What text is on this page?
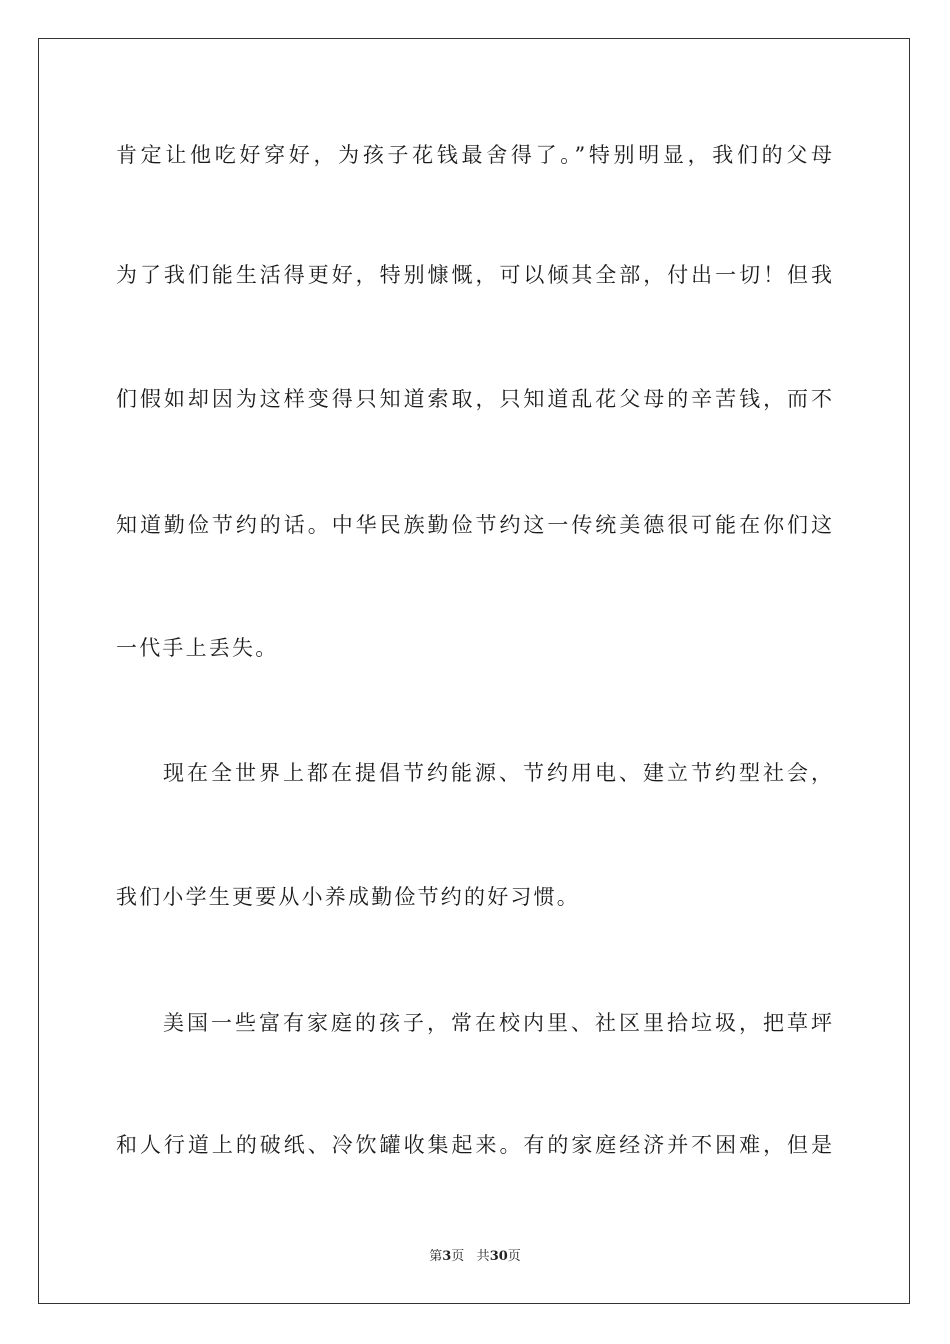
肯定让他吃好穿好，为孩子花钱最舍得了。”特别明显，我们的父母
为了我们能生活得更好，特别慷慨，可以倾其全部，付出一切！但我
们假如却因为这样变得只知道索取，只知道乱花父母的辛苦钱，而不
知道勤俭节约的话。中华民族勤俭节约这一传统美德很可能在你们这
一代手上丢失。
现在全世界上都在提倡节约能源、节约用电、建立节约型社会，
我们小学生更要从小养成勤俭节约的好习惯。
美国一些富有家庭的孩子，常在校内里、社区里拾垃圾，把草坪
和人行道上的破纸、冷饮罐收集起来。有的家庭经济并不困难，但是
第3页 共30页
